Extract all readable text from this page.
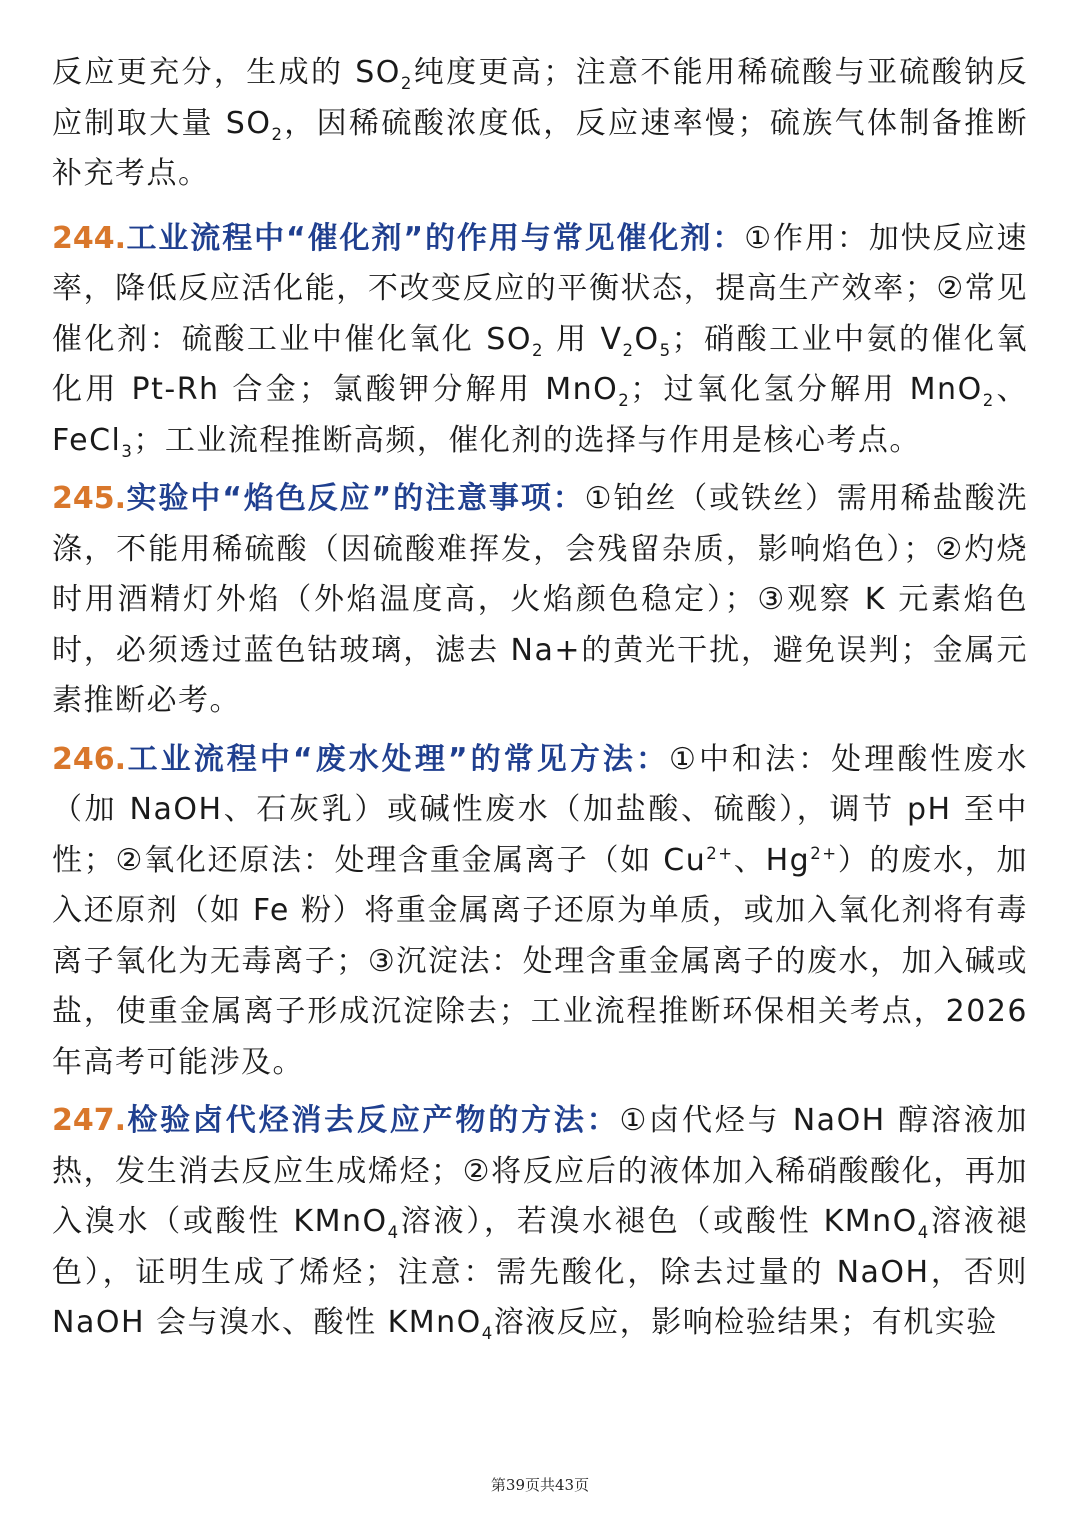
反应更充分，生成的 $SO_2$纯度更高；注意不能用稀硫酸与亚硫酸钠反应制取大量 $SO_2$，因稀硫酸浓度低，反应速率慢；硫族气体制备推断补充考点。

244.工业流程中“催化剂”的作用与常见催化剂：①作用：加快反应速率，降低反应活化能，不改变反应的平衡状态，提高生产效率；②常见催化剂：硫酸工业中催化氧化 $SO_2$ 用 $V_2O_5$；硝酸工业中氨的催化氧化用 Pt-Rh 合金；氯酸钾分解用 MnO$_2$；过氧化氢分解用 MnO$_2$、FeCl$_3$；工业流程推断高频，催化剂的选择与作用是核心考点。

245.实验中“焰色反应”的注意事项：①铂丝（或铁丝）需用稀盐酸洗涤，不能用稀硫酸（因硫酸难挥发，会残留杂质，影响焰色）；②灼烧时用酒精灯外焰（外焰温度高，火焰颜色稳定）；③观察 K 元素焰色时，必须透过蓝色钴玻璃，滤去 Na+的黄光干扰，避免误判；金属元素推断必考。

246.工业流程中“废水处理”的常见方法：①中和法：处理酸性废水（加 NaOH、石灰乳）或碱性废水（加盐酸、硫酸），调节 pH 至中性；②氧化还原法：处理含重金属离子（如 $Cu^{2+}$、$Hg^{2+}$）的废水，加入还原剂（如 Fe 粉）将重金属离子还原为单质，或加入氧化剂将有毒离子氧化为无毒离子；③沉淀法：处理含重金属离子的废水，加入碱或盐，使重金属离子形成沉淀除去；工业流程推断环保相关考点，2026 年高考可能涉及。

247.检验卤代烃消去反应产物的方法：①卤代烃与 NaOH 醇溶液加热，发生消去反应生成烯烃；②将反应后的液体加入稀硝酸酸化，再加入溴水（或酸性 KMnO$_4$溶液），若溴水褪色（或酸性 KMnO$_4$溶液褪色），证明生成了烯烃；注意：需先酸化，除去过量的 NaOH，否则 NaOH 会与溴水、酸性 KMnO$_4$溶液反应，影响检验结果；有机实验

第39页共43页
